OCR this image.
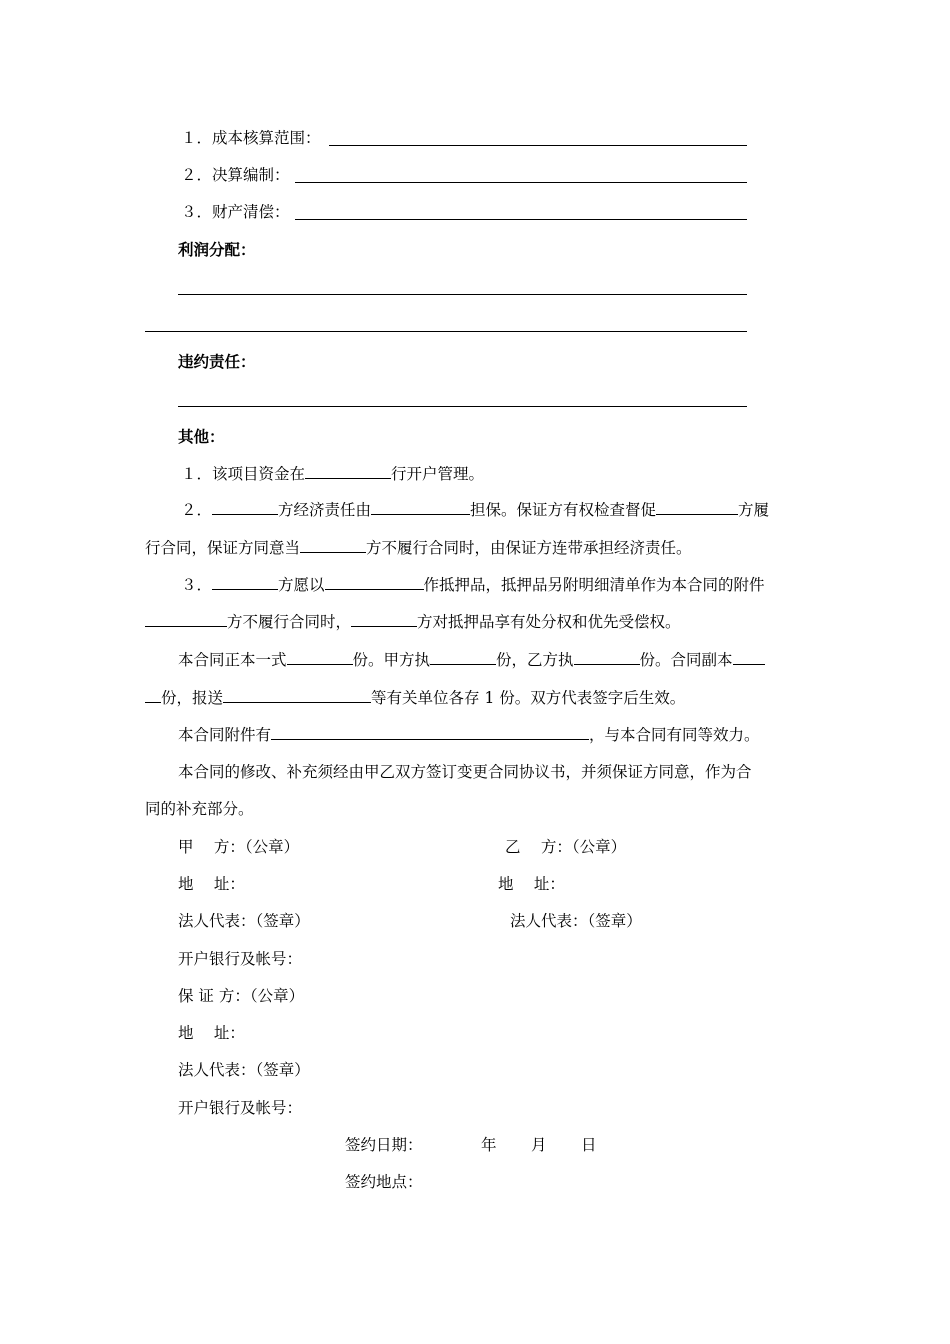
１．成本核算范围：
２．决算编制：
３．财产清偿：
利润分配：
违约责任：
其他：
１．该项目资金在	行开户管理。
２．	方经济责任由	担保。保证方有权检查督促	方履
行合同，保证方同意当	方不履行合同时，由保证方连带承担经济责任。
３．	方愿以	作抵押品，抵押品另附明细清单作为本合同的附件
方不履行合同时，	方对抵押品享有处分权和优先受偿权。
本合同正本一式	份。甲方执	份，乙方执	份。合同副本
份，报送	等有关单位各存 1 份。双方代表签字后生效。
本合同附件有	，与本合同有同等效力。
本合同的修改、补充须经由甲乙双方签订变更合同协议书，并须保证方同意，作为合
同的补充部分。
甲　 方：（公章）	乙　 方：（公章）
地　 址：	地　 址：
法人代表：（签章）	法人代表：（签章）
开户银行及帐号：
保 证 方：（公章）
地　 址：
法人代表：（签章）
开户银行及帐号：
签约日期：	年 月 日
签约地点：
